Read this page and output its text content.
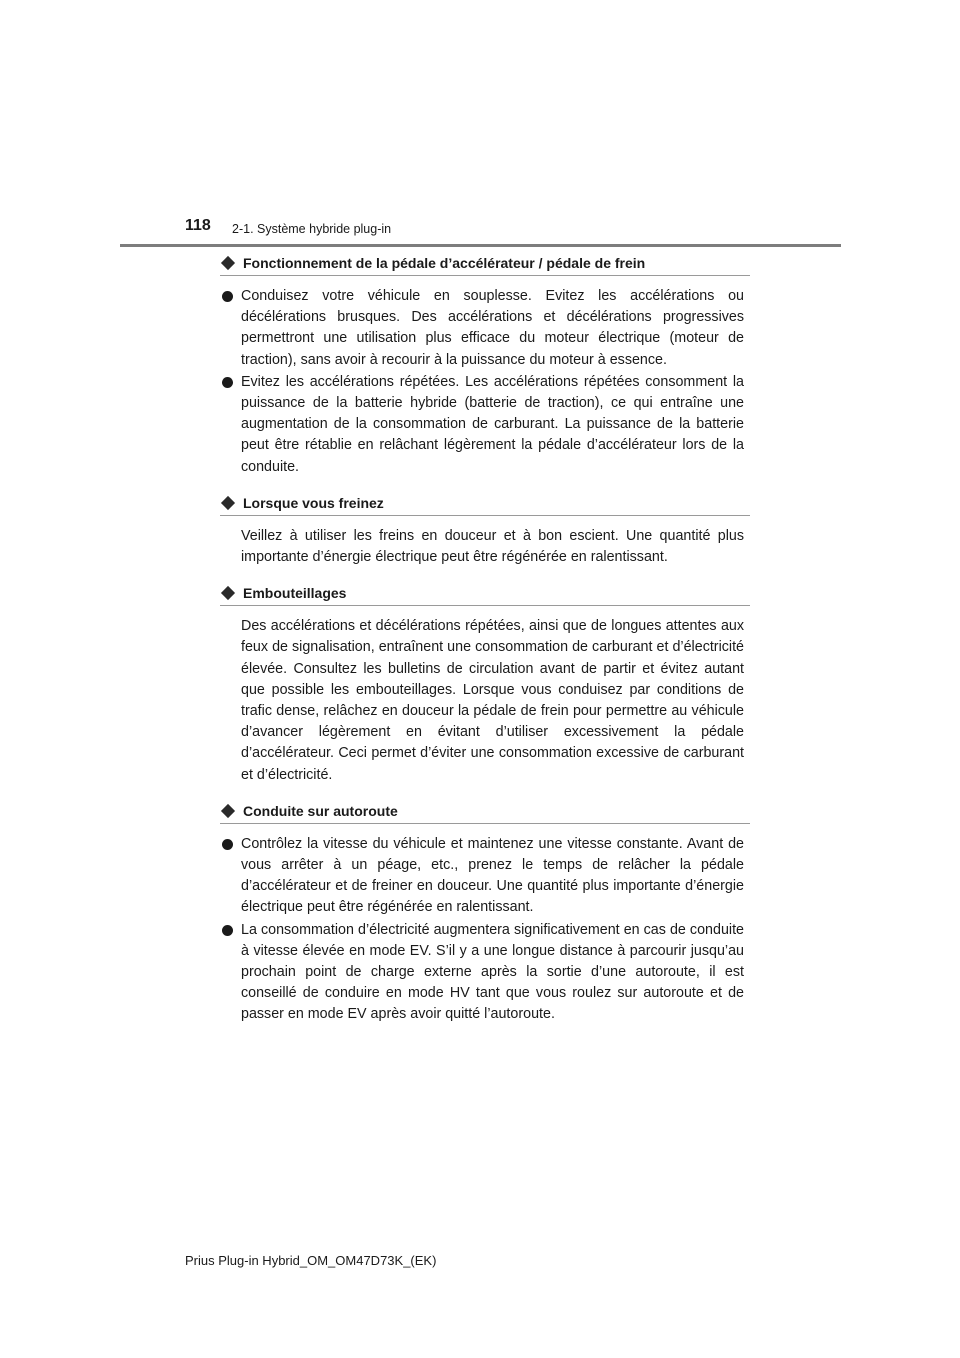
118 2-1. Système hybride plug-in
Fonctionnement de la pédale d’accélérateur / pédale de frein
Conduisez votre véhicule en souplesse. Evitez les accélérations ou décélérations brusques. Des accélérations et décélérations progressives permettront une utilisation plus efficace du moteur électrique (moteur de traction), sans avoir à recourir à la puissance du moteur à essence.
Evitez les accélérations répétées. Les accélérations répétées consomment la puissance de la batterie hybride (batterie de traction), ce qui entraîne une augmentation de la consommation de carburant. La puissance de la batterie peut être rétablie en relâchant légèrement la pédale d’accélérateur lors de la conduite.
Lorsque vous freinez
Veillez à utiliser les freins en douceur et à bon escient. Une quantité plus importante d’énergie électrique peut être régénérée en ralentissant.
Embouteillages
Des accélérations et décélérations répétées, ainsi que de longues attentes aux feux de signalisation, entraînent une consommation de carburant et d’électricité élevée. Consultez les bulletins de circulation avant de partir et évitez autant que possible les embouteillages. Lorsque vous conduisez par conditions de trafic dense, relâchez en douceur la pédale de frein pour permettre au véhicule d’avancer légèrement en évitant d’utiliser excessivement la pédale d’accélérateur. Ceci permet d’éviter une consommation excessive de carburant et d’électricité.
Conduite sur autoroute
Contrôlez la vitesse du véhicule et maintenez une vitesse constante. Avant de vous arrêter à un péage, etc., prenez le temps de relâcher la pédale d’accélérateur et de freiner en douceur. Une quantité plus importante d’énergie électrique peut être régénérée en ralentissant.
La consommation d’électricité augmentera significativement en cas de conduite à vitesse élevée en mode EV. S’il y a une longue distance à parcourir jusqu’au prochain point de charge externe après la sortie d’une autoroute, il est conseillé de conduire en mode HV tant que vous roulez sur autoroute et de passer en mode EV après avoir quitté l’autoroute.
Prius Plug-in Hybrid_OM_OM47D73K_(EK)
